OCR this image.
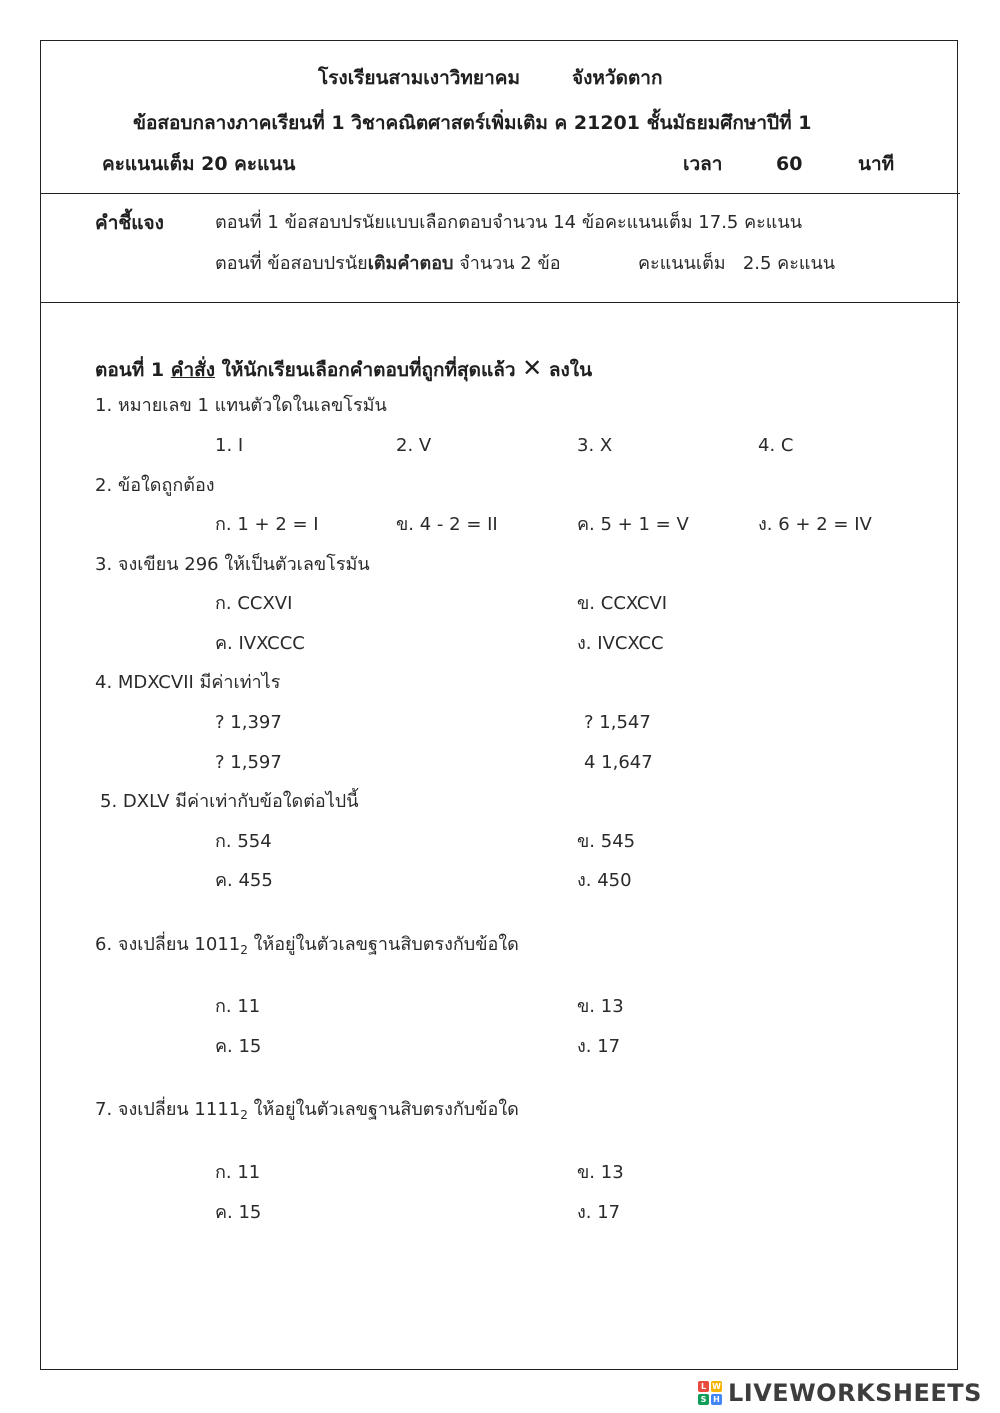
โรงเรียนสามเงาวิทยาคม	จังหวัดตาก
ข้อสอบกลางภาคเรียนที่ 1 วิชาคณิตศาสตร์เพิ่มเติม ค 21201 ชั้นมัธยมศึกษาปีที่ 1
คะแนนเต็ม 20 คะแนน	เวลา	60	นาที
คำชี้แจง	ตอนที่ 1 ข้อสอบปรนัยแบบเลือกตอบจำนวน 14 ข้อคะแนนเต็ม 17.5 คะแนน
ตอนที่ ข้อสอบปรนัยเติมคำตอบ จำนวน 2 ข้อ	คะแนนเต็ม 2.5 คะแนน
ตอนที่ 1 คำสั่ง ให้นักเรียนเลือกคำตอบที่ถูกที่สุดแล้ว ✕ ลงใน
1. หมายเลข 1 แทนตัวใดในเลขโรมัน
1. I	2. V	3. X	4. C
2. ข้อใดถูกต้อง
ก. 1 + 2 = I	ข. 4 - 2 = II	ค. 5 + 1 = V	ง. 6 + 2 = IV
3. จงเขียน 296 ให้เป็นตัวเลขโรมัน
ก. CCXVI	ข. CCXCVI
ค. IVXCCC	ง. IVCXCC
4. MDXCVII มีค่าเท่าไร
? 1,397	? 1,547
? 1,597	4 1,647
5. DXLV มีค่าเท่ากับข้อใดต่อไปนี้
ก. 554	ข. 545
ค. 455	ง. 450
6. จงเปลี่ยน $1011_2$ ให้อยู่ในตัวเลขฐานสิบตรงกับข้อใด
ก. 11	ข. 13
ค. 15	ง. 17
7. จงเปลี่ยน $1111_2$ ให้อยู่ในตัวเลขฐานสิบตรงกับข้อใด
ก. 11	ข. 13
ค. 15	ง. 17
L W
S H LIVEWORKSHEETS
